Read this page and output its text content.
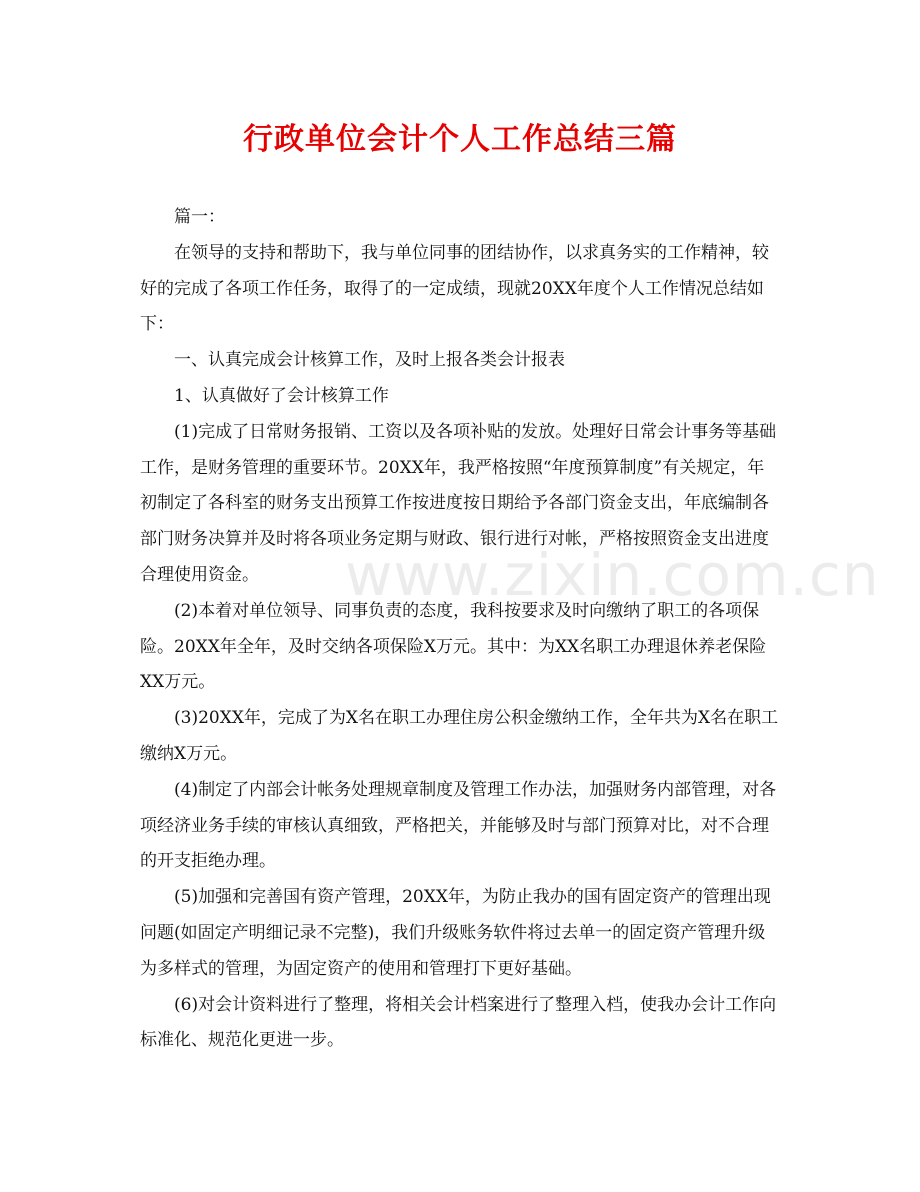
行政单位会计个人工作总结三篇

篇一：

在领导的支持和帮助下，我与单位同事的团结协作，以求真务实的工作精神，较好的完成了各项工作任务，取得了的一定成绩，现就20XX年度个人工作情况总结如下：

一、认真完成会计核算工作，及时上报各类会计报表

1、认真做好了会计核算工作

(1)完成了日常财务报销、工资以及各项补贴的发放。处理好日常会计事务等基础工作，是财务管理的重要环节。20XX年，我严格按照“年度预算制度”有关规定，年初制定了各科室的财务支出预算工作按进度按日期给予各部门资金支出，年底编制各部门财务决算并及时将各项业务定期与财政、银行进行对帐，严格按照资金支出进度合理使用资金。

(2)本着对单位领导、同事负责的态度，我科按要求及时向缴纳了职工的各项保险。20XX年全年，及时交纳各项保险X万元。其中：为XX名职工办理退休养老保险XX万元。

(3)20XX年，完成了为X名在职工办理住房公积金缴纳工作，全年共为X名在职工缴纳X万元。

(4)制定了内部会计帐务处理规章制度及管理工作办法，加强财务内部管理，对各项经济业务手续的审核认真细致，严格把关，并能够及时与部门预算对比，对不合理的开支拒绝办理。

(5)加强和完善国有资产管理，20XX年，为防止我办的国有固定资产的管理出现问题(如固定产明细记录不完整)，我们升级账务软件将过去单一的固定资产管理升级为多样式的管理，为固定资产的使用和管理打下更好基础。

(6)对会计资料进行了整理，将相关会计档案进行了整理入档，使我办会计工作向标准化、规范化更进一步。

www.zixin.com.cn
